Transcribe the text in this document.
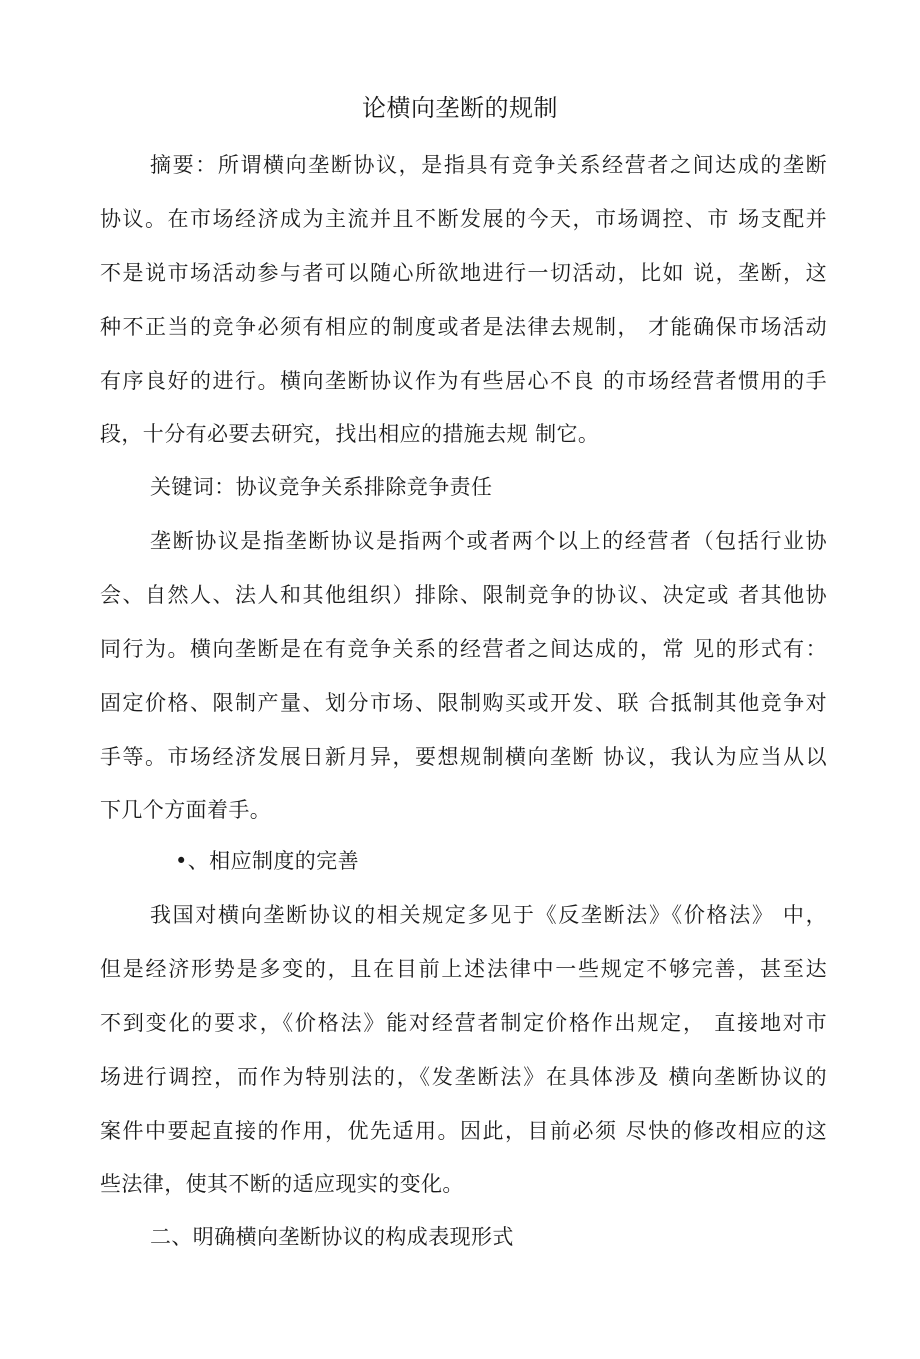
论横向垄断的规制
摘要：所谓横向垄断协议，是指具有竞争关系经营者之间达成的垄断
协议。在市场经济成为主流并且不断发展的今天，市场调控、市 场支配并
不是说市场活动参与者可以随心所欲地进行一切活动，比如 说，垄断，这
种不正当的竞争必须有相应的制度或者是法律去规制， 才能确保市场活动
有序良好的进行。横向垄断协议作为有些居心不良 的市场经营者惯用的手
段，十分有必要去研究，找出相应的措施去规 制它。
关键词：协议竞争关系排除竞争责任
垄断协议是指垄断协议是指两个或者两个以上的经营者（包括行业协
会、自然人、法人和其他组织）排除、限制竞争的协议、决定或 者其他协
同行为。横向垄断是在有竞争关系的经营者之间达成的，常 见的形式有：
固定价格、限制产量、划分市场、限制购买或开发、联 合抵制其他竞争对
手等。市场经济发展日新月异，要想规制横向垄断 协议，我认为应当从以
下几个方面着手。
•、相应制度的完善
我国对横向垄断协议的相关规定多见于《反垄断法》《价格法》 中，
但是经济形势是多变的，且在目前上述法律中一些规定不够完善，甚至达
不到变化的要求，《价格法》能对经营者制定价格作出规定， 直接地对市
场进行调控，而作为特别法的，《发垄断法》在具体涉及 横向垄断协议的
案件中要起直接的作用，优先适用。因此，目前必须 尽快的修改相应的这
些法律，使其不断的适应现实的变化。
二、明确横向垄断协议的构成表现形式
